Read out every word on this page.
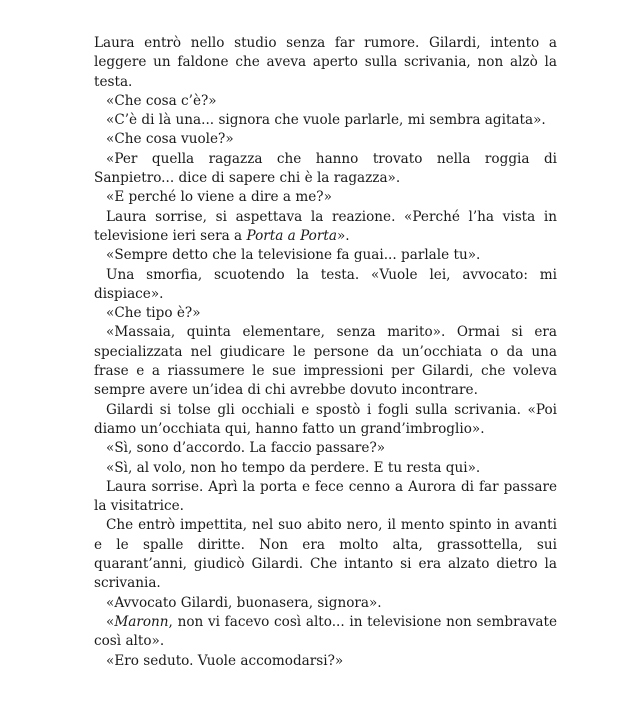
Laura entrò nello studio senza far rumore. Gilardi, intento a leggere un faldone che aveva aperto sulla scrivania, non alzò la testa.

«Che cosa c’è?»

«C’è di là una... signora che vuole parlarle, mi sembra agitata».

«Che cosa vuole?»

«Per quella ragazza che hanno trovato nella roggia di Sanpietro... dice di sapere chi è la ragazza».

«E perché lo viene a dire a me?»

Laura sorrise, si aspettava la reazione. «Perché l’ha vista in televisione ieri sera a Porta a Porta».

«Sempre detto che la televisione fa guai... parlale tu».

Una smorfia, scuotendo la testa. «Vuole lei, avvocato: mi dispiace».

«Che tipo è?»

«Massaia, quinta elementare, senza marito». Ormai si era specializzata nel giudicare le persone da un’occhiata o da una frase e a riassumere le sue impressioni per Gilardi, che voleva sempre avere un’idea di chi avrebbe dovuto incontrare.

Gilardi si tolse gli occhiali e spostò i fogli sulla scrivania. «Poi diamo un’occhiata qui, hanno fatto un grand’imbroglio».

«Sì, sono d’accordo. La faccio passare?»

«Sì, al volo, non ho tempo da perdere. E tu resta qui».

Laura sorrise. Aprì la porta e fece cenno a Aurora di far passare la visitatrice.

Che entrò impettita, nel suo abito nero, il mento spinto in avanti e le spalle diritte. Non era molto alta, grassottella, sui quarant’anni, giudicò Gilardi. Che intanto si era alzato dietro la scrivania.

«Avvocato Gilardi, buonasera, signora».

«Maronn, non vi facevo così alto... in televisione non sembravate così alto».

«Ero seduto. Vuole accomodarsi?»
